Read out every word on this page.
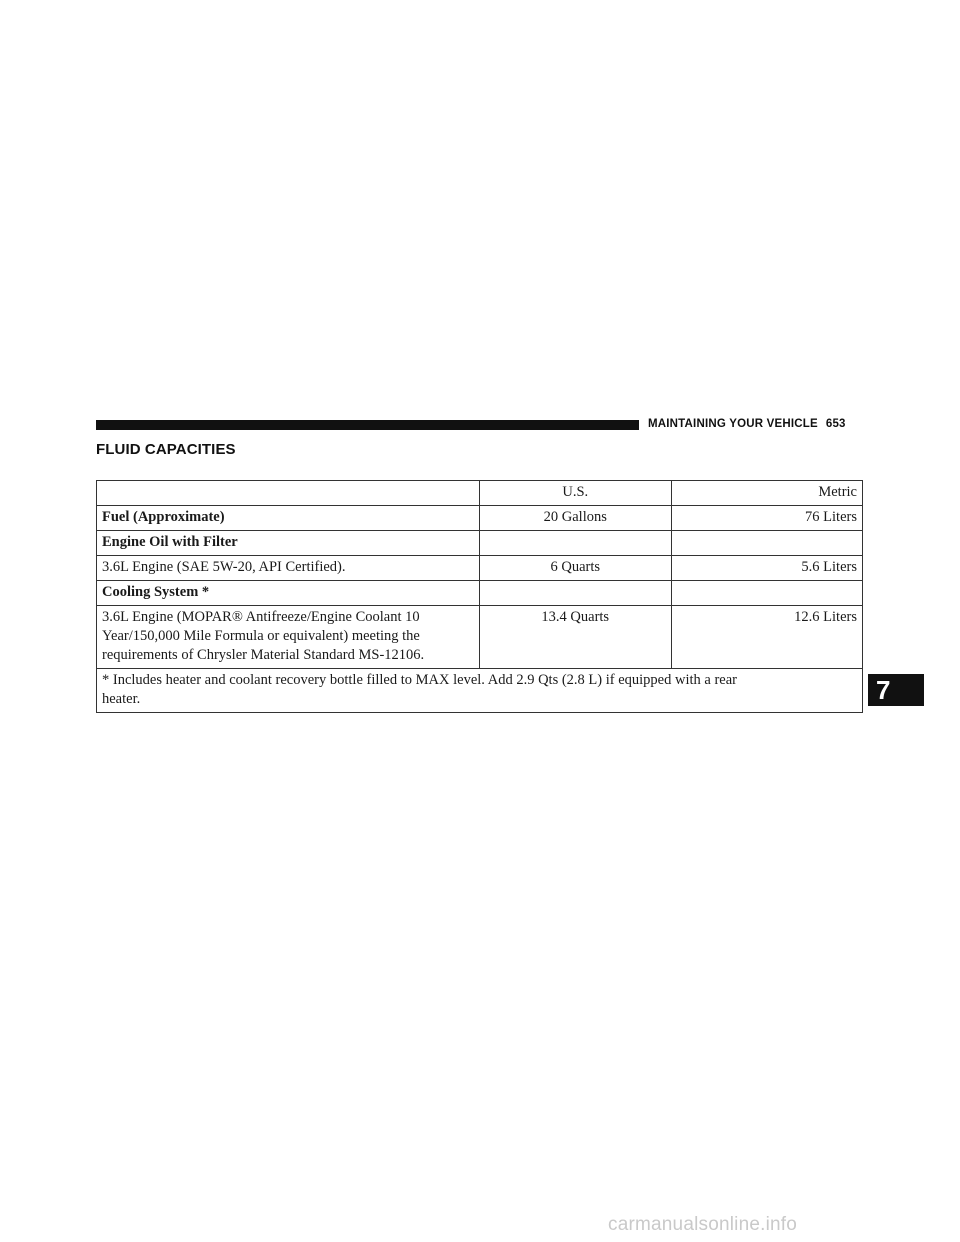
MAINTAINING YOUR VEHICLE 653
FLUID CAPACITIES
	U.S.	Metric
Fuel (Approximate)	20 Gallons	76 Liters
Engine Oil with Filter		
3.6L Engine (SAE 5W-20, API Certified).	6 Quarts	5.6 Liters
Cooling System *		

3.6L Engine (MOPAR® Antifreeze/Engine Coolant 10
Year/150,000 Mile Formula or equivalent) meeting the
requirements of Chrysler Material Standard MS-12106.	13.4 Quarts	12.6 Liters

* Includes heater and coolant recovery bottle filled to MAX level. Add 2.9 Qts (2.8 L) if equipped with a rear
heater.			7
carmanualsonline.info
